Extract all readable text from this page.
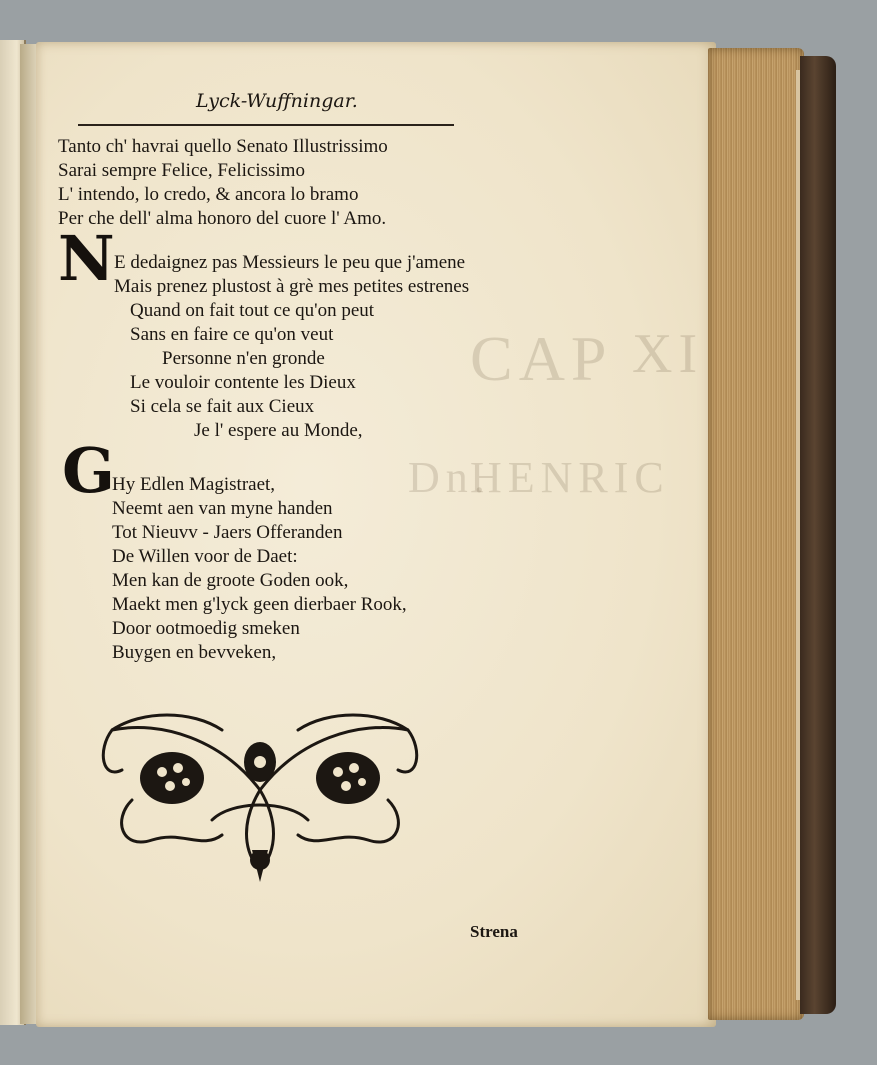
CAP XI
HENRIC
Dn.
Lyck-Wuffningar.
Tanto ch' havrai quello Senato Illustrissimo
Sarai sempre Felice, Felicissimo
L' intendo, lo credo, & ancora lo bramo
Per che dell' alma honoro del cuore l' Amo.
N E dedaignez pas Messieurs le peu que j'amene
Mais prenez plustost à grè mes petites estrenes
Quand on fait tout ce qu'on peut
Sans en faire ce qu'on veut
Personne n'en gronde
Le vouloir contente les Dieux
Si cela se fait aux Cieux
Je l' espere au Monde,
G
Hy Edlen Magistraet,
Neemt aen van myne handen
Tot Nieuvv - Jaers Offeranden
De Willen voor de Daet:
Men kan de groote Goden ook,
Maekt men g'lyck geen dierbaer Rook,
Door ootmoedig smeken
Buygen en bevveken,
Strena
